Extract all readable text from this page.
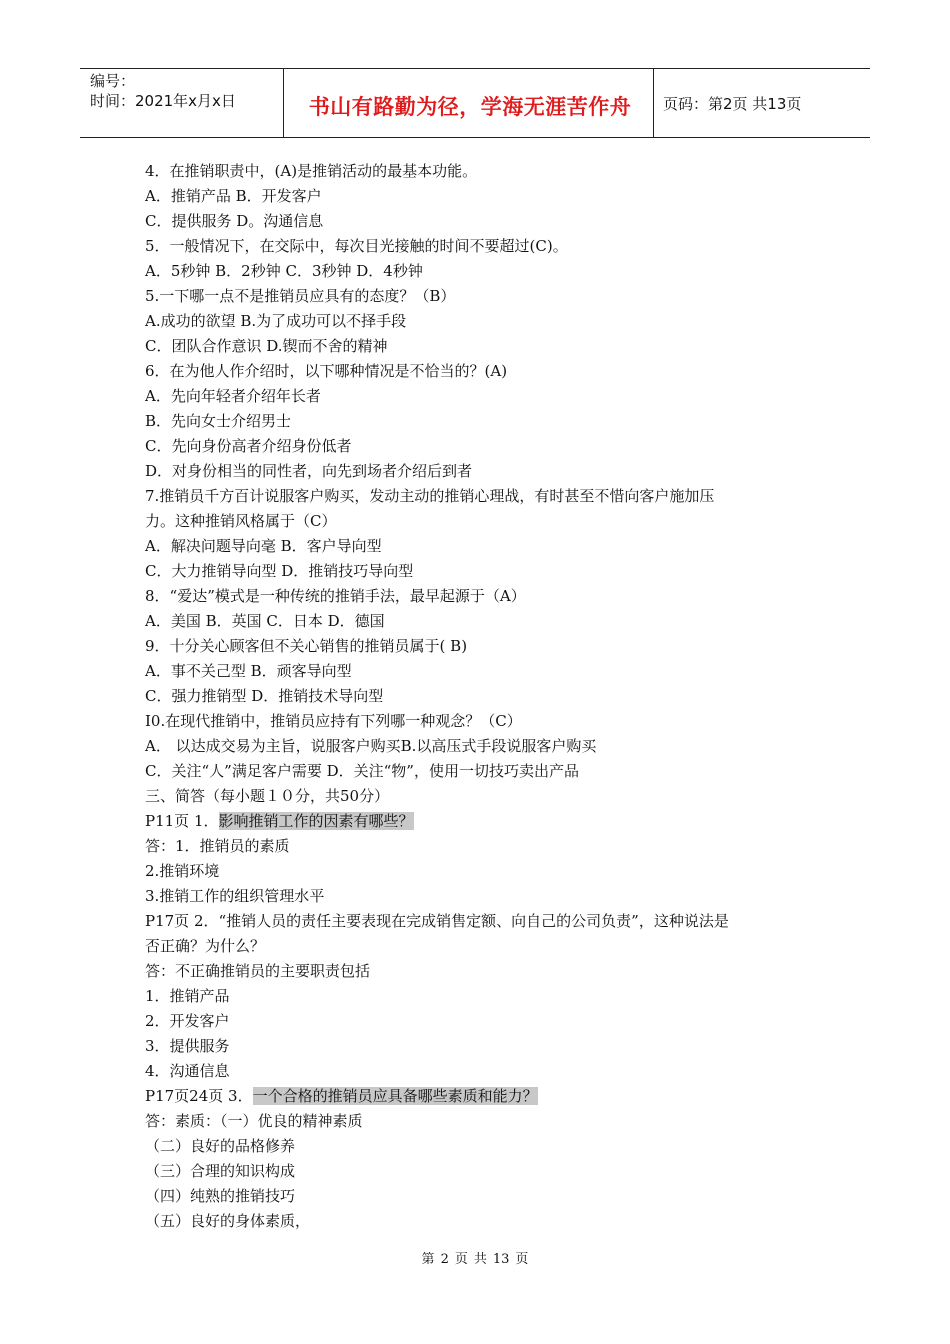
编号：
时间：2021年x月x日	书山有路勤为径，学海无涯苦作舟	页码：第2页 共13页
4．在推销职责中，(A)是推销活动的最基本功能。
A．推销产品 B．开发客户
C．提供服务 D。沟通信息
5．一般情况下，在交际中，每次目光接触的时间不要超过(C)。
A．5秒钟 B．2秒钟 C．3秒钟 D．4秒钟
5.一下哪一点不是推销员应具有的态度？（B）
A.成功的欲望 B.为了成功可以不择手段
C．团队合作意识 D.锲而不舍的精神
6．在为他人作介绍时，以下哪种情况是不恰当的？(A)
A．先向年轻者介绍年长者
B．先向女士介绍男士
C．先向身份高者介绍身份低者
D．对身份相当的同性者，向先到场者介绍后到者
7.推销员千方百计说服客户购买，发动主动的推销心理战，有时甚至不惜向客户施加压
力。这种推销风格属于（C）
A．解决问题导向毫 B．客户导向型
C．大力推销导向型 D．推销技巧导向型
8．“爱达”模式是一种传统的推销手法，最早起源于（A）
A．美国 B．英国 C．日本 D．德国
9．十分关心顾客但不关心销售的推销员属于( B)
A．事不关己型 B．顽客导向型
C．强力推销型 D．推销技术导向型
I0.在现代推销中，推销员应持有下列哪一种观念？（C）
A． 以达成交易为主旨，说服客户购买B.以高压式手段说服客户购买
C．关注“人”满足客户需要 D．关注“物”，使用一切技巧卖出产品
三、简答（每小题１０分，共50分）
P11页 1．影响推销工作的因素有哪些？
答：1．推销员的素质
2.推销环境
3.推销工作的组织管理水平
P17页 2．“推销人员的责任主要表现在完成销售定额、向自己的公司负责”，这种说法是
否正确？为什么？
答：不正确推销员的主要职责包括
1．推销产品
2．开发客户
3．提供服务
4．沟通信息
P17页24页 3．一个合格的推销员应具备哪些素质和能力？
答：素质：（一）优良的精神素质
（二）良好的品格修养
（三）合理的知识构成
（四）纯熟的推销技巧
（五）良好的身体素质，
第 2 页 共 13 页
